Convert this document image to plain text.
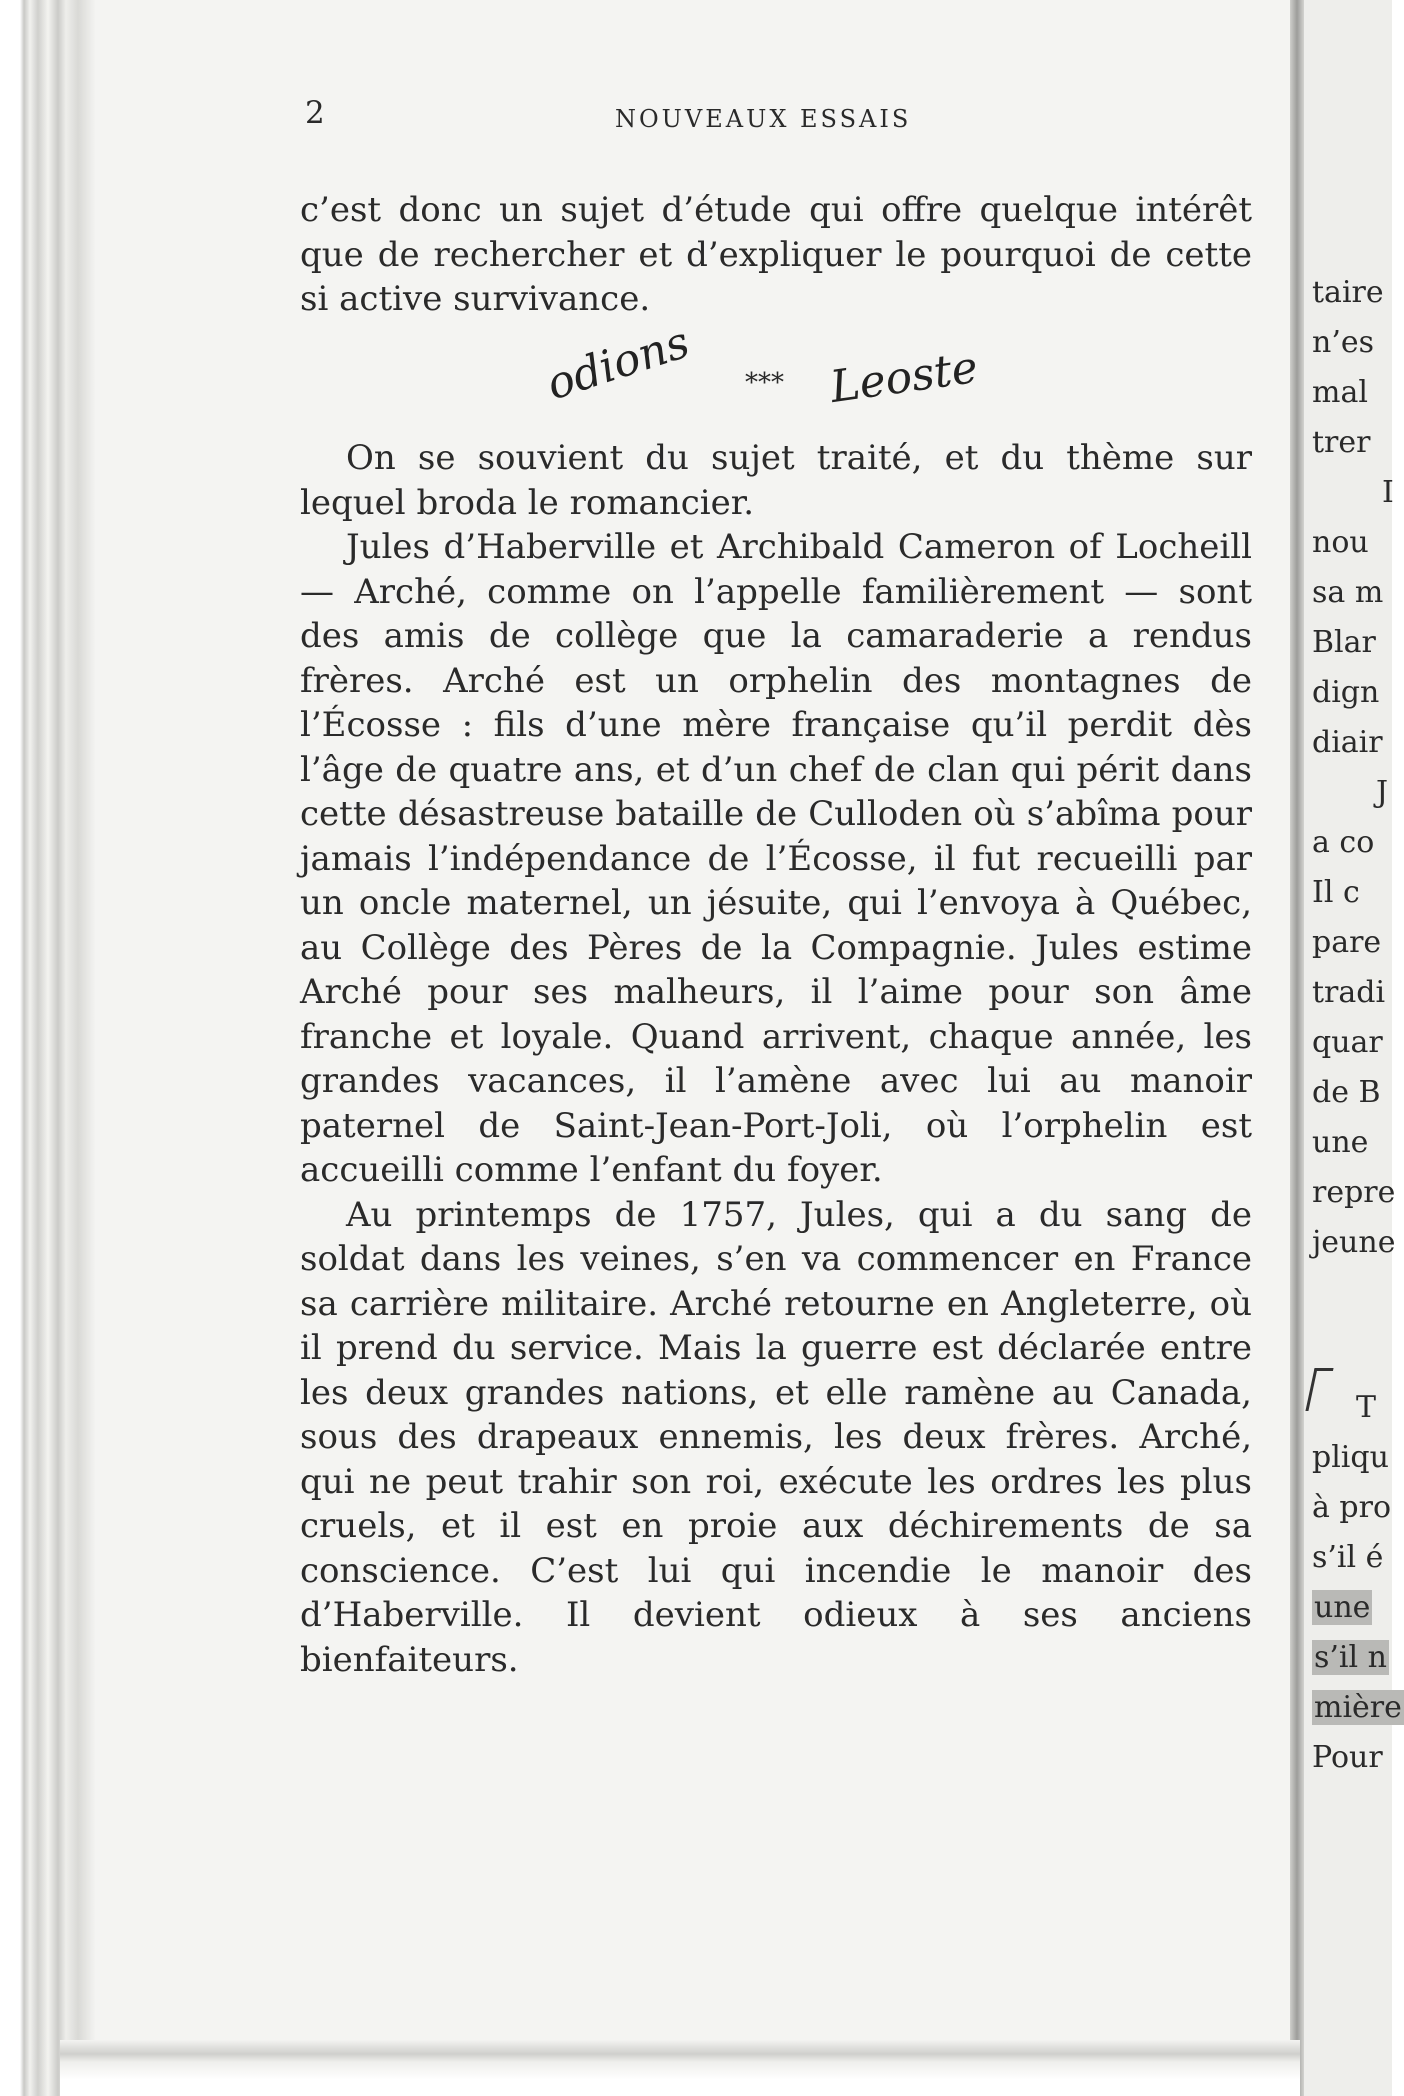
2	NOUVEAUX ESSAIS

c’est donc un sujet d’étude qui offre quelque intérêt que de rechercher et d’expliquer le pourquoi de cette si active survivance.

***
odions	Leoste

On se souvient du sujet traité, et du thème sur lequel broda le romancier.

Jules d’Haberville et Archibald Cameron of Locheill — Arché, comme on l’appelle familièrement — sont des amis de collège que la camaraderie a rendus frères. Arché est un orphelin des montagnes de l’Écosse : fils d’une mère française qu’il perdit dès l’âge de quatre ans, et d’un chef de clan qui périt dans cette désastreuse bataille de Culloden où s’abîma pour jamais l’indépendance de l’Écosse, il fut recueilli par un oncle maternel, un jésuite, qui l’envoya à Québec, au Collège des Pères de la Compagnie. Jules estime Arché pour ses malheurs, il l’aime pour son âme franche et loyale. Quand arrivent, chaque année, les grandes vacances, il l’amène avec lui au manoir paternel de Saint-Jean-Port-Joli, où l’orphelin est accueilli comme l’enfant du foyer.

Au printemps de 1757, Jules, qui a du sang de soldat dans les veines, s’en va commencer en France sa carrière militaire. Arché retourne en Angleterre, où il prend du service. Mais la guerre est déclarée entre les deux grandes nations, et elle ramène au Canada, sous des drapeaux ennemis, les deux frères. Arché, qui ne peut trahir son roi, exécute les ordres les plus cruels, et il est en proie aux déchirements de sa conscience. C’est lui qui incendie le manoir des d’Haberville. Il devient odieux à ses anciens bienfaiteurs.

taire
n’es
mal
trer
I
nou
sa m
Blar
dign
diair
J
a co
Il c
pare
tradi
quar
de B
une
repre
jeune
T
pliqu
à pro
s’il é
une
s’il n
mière
Pour
